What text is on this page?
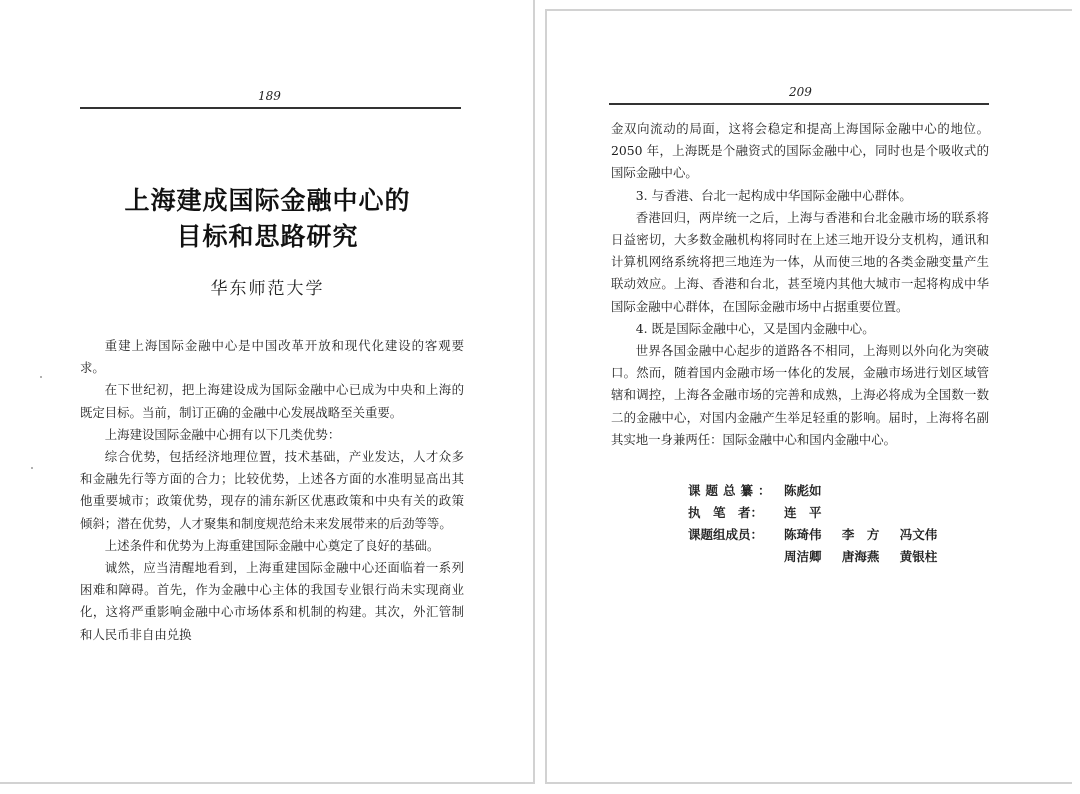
189
上海建成国际金融中心的
目标和思路研究
华东师范大学

重建上海国际金融中心是中国改革开放和现代化建设的客观要求。

在下世纪初，把上海建设成为国际金融中心已成为中央和上海的既定目标。当前，制订正确的金融中心发展战略至关重要。

上海建设国际金融中心拥有以下几类优势：

综合优势，包括经济地理位置，技术基础，产业发达，人才众多和金融先行等方面的合力；比较优势，上述各方面的水准明显高出其他重要城市；政策优势，现存的浦东新区优惠政策和中央有关的政策倾斜；潜在优势，人才聚集和制度规范给未来发展带来的后劲等等。

上述条件和优势为上海重建国际金融中心奠定了良好的基础。

诚然，应当清醒地看到，上海重建国际金融中心还面临着一系列困难和障碍。首先，作为金融中心主体的我国专业银行尚未实现商业化，这将严重影响金融中心市场体系和机制的构建。其次，外汇管制和人民币非自由兑换

209

金双向流动的局面，这将会稳定和提高上海国际金融中心的地位。2050 年，上海既是个融资式的国际金融中心，同时也是个吸收式的国际金融中心。

3. 与香港、台北一起构成中华国际金融中心群体。

香港回归，两岸统一之后，上海与香港和台北金融市场的联系将日益密切，大多数金融机构将同时在上述三地开设分支机构，通讯和计算机网络系统将把三地连为一体，从而使三地的各类金融变量产生联动效应。上海、香港和台北，甚至境内其他大城市一起将构成中华国际金融中心群体，在国际金融市场中占据重要位置。

4. 既是国际金融中心，又是国内金融中心。

世界各国金融中心起步的道路各不相同，上海则以外向化为突破口。然而，随着国内金融市场一体化的发展，金融市场进行划区域管辖和调控，上海各金融市场的完善和成熟，上海必将成为全国数一数二的金融中心，对国内金融产生举足轻重的影响。届时，上海将名副其实地一身兼两任：国际金融中心和国内金融中心。

课题总纂： 陈彪如
执　笔　者：	连　平
课题组成员：	陈琦伟 李　方 冯文伟
周洁卿 唐海燕 黄银柱
